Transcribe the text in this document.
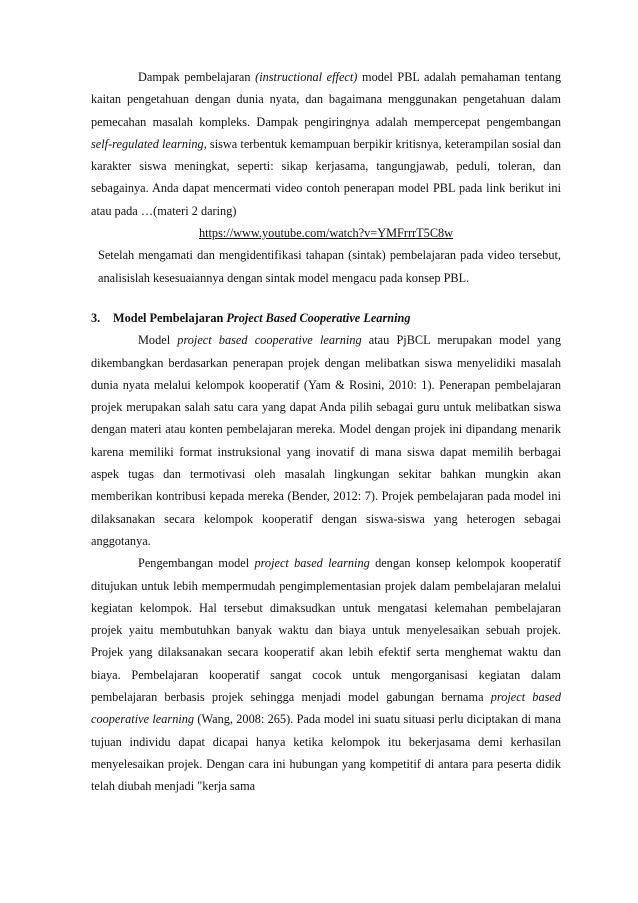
Dampak pembelajaran (instructional effect) model PBL adalah pemahaman tentang kaitan pengetahuan dengan dunia nyata, dan bagaimana menggunakan pengetahuan dalam pemecahan masalah kompleks. Dampak pengiringnya adalah mempercepat pengembangan self-regulated learning, siswa terbentuk kemampuan berpikir kritisnya, keterampilan sosial dan karakter siswa meningkat, seperti: sikap kerjasama, tangungjawab, peduli, toleran, dan sebagainya. Anda dapat mencermati video contoh penerapan model PBL pada link berikut ini atau pada …(materi 2 daring)

https://www.youtube.com/watch?v=YMFrrrT5C8w

Setelah mengamati dan mengidentifikasi tahapan (sintak) pembelajaran pada video tersebut, analisislah kesesuaiannya dengan sintak model mengacu pada konsep PBL.

3. Model Pembelajaran Project Based Cooperative Learning

Model project based cooperative learning atau PjBCL merupakan model yang dikembangkan berdasarkan penerapan projek dengan melibatkan siswa menyelidiki masalah dunia nyata melalui kelompok kooperatif (Yam & Rosini, 2010: 1). Penerapan pembelajaran projek merupakan salah satu cara yang dapat Anda pilih sebagai guru untuk melibatkan siswa dengan materi atau konten pembelajaran mereka. Model dengan projek ini dipandang menarik karena memiliki format instruksional yang inovatif di mana siswa dapat memilih berbagai aspek tugas dan termotivasi oleh masalah lingkungan sekitar bahkan mungkin akan memberikan kontribusi kepada mereka (Bender, 2012: 7). Projek pembelajaran pada model ini dilaksanakan secara kelompok kooperatif dengan siswa-siswa yang heterogen sebagai anggotanya.

Pengembangan model project based learning dengan konsep kelompok kooperatif ditujukan untuk lebih mempermudah pengimplementasian projek dalam pembelajaran melalui kegiatan kelompok. Hal tersebut dimaksudkan untuk mengatasi kelemahan pembelajaran projek yaitu membutuhkan banyak waktu dan biaya untuk menyelesaikan sebuah projek. Projek yang dilaksanakan secara kooperatif akan lebih efektif serta menghemat waktu dan biaya. Pembelajaran kooperatif sangat cocok untuk mengorganisasi kegiatan dalam pembelajaran berbasis projek sehingga menjadi model gabungan bernama project based cooperative learning (Wang, 2008: 265). Pada model ini suatu situasi perlu diciptakan di mana tujuan individu dapat dicapai hanya ketika kelompok itu bekerjasama demi kerhasilan menyelesaikan projek. Dengan cara ini hubungan yang kompetitif di antara para peserta didik telah diubah menjadi "kerja sama
